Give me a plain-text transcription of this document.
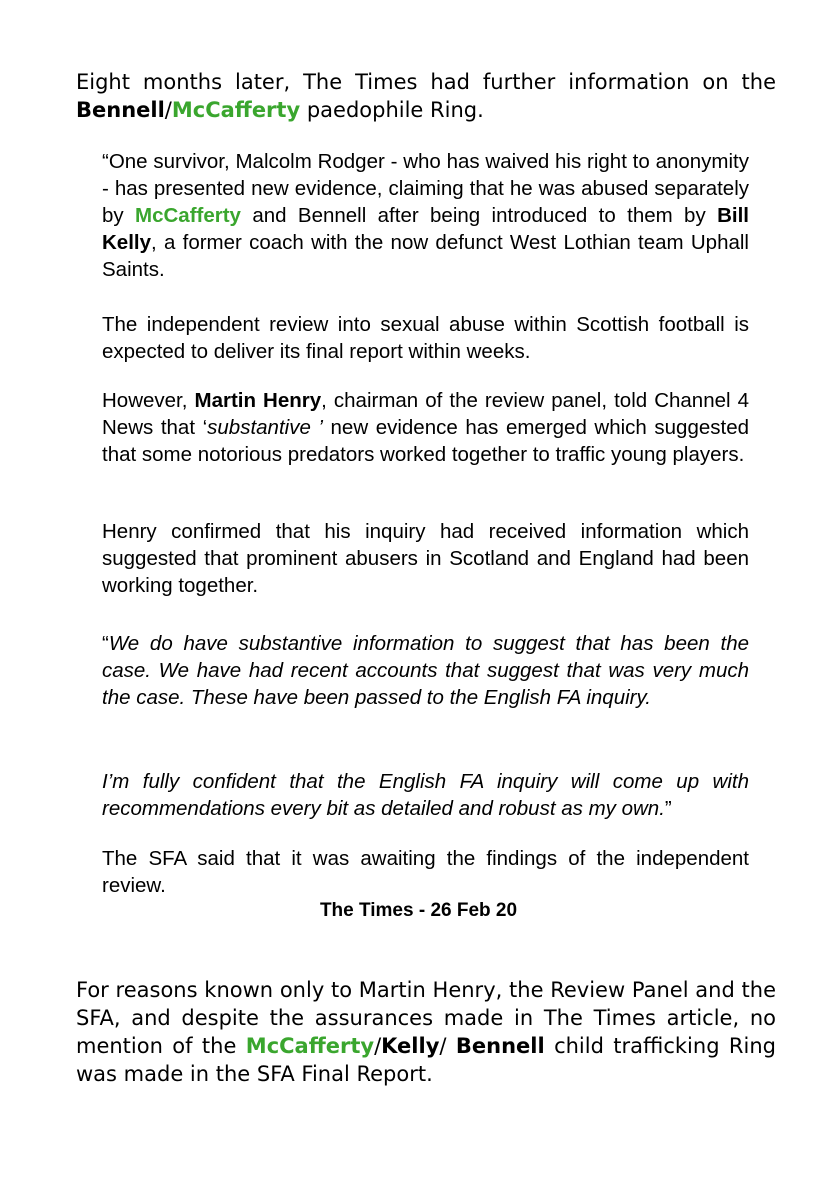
Eight months later, The Times had further information on the Bennell/McCafferty paedophile Ring.

“One survivor, Malcolm Rodger - who has waived his right to anonymity - has presented new evidence, claiming that he was abused separately by McCafferty and Bennell after being introduced to them by Bill Kelly, a former coach with the now defunct West Lothian team Uphall Saints.

The independent review into sexual abuse within Scottish football is expected to deliver its final report within weeks.

However, Martin Henry, chairman of the review panel, told Channel 4 News that ‘substantive ’ new evidence has emerged which suggested that some notorious predators worked together to traffic young players.

Henry confirmed that his inquiry had received information which suggested that prominent abusers in Scotland and England had been working together.

“We do have substantive information to suggest that has been the case. We have had recent accounts that suggest that was very much the case. These have been passed to the English FA inquiry.

I’m fully confident that the English FA inquiry will come up with recommendations every bit as detailed and robust as my own.”

The SFA said that it was awaiting the findings of the independent review.

The Times - 26 Feb 20

For reasons known only to Martin Henry, the Review Panel and the SFA, and despite the assurances made in The Times article, no mention of the McCafferty/Kelly/ Bennell child trafficking Ring was made in the SFA Final Report.
